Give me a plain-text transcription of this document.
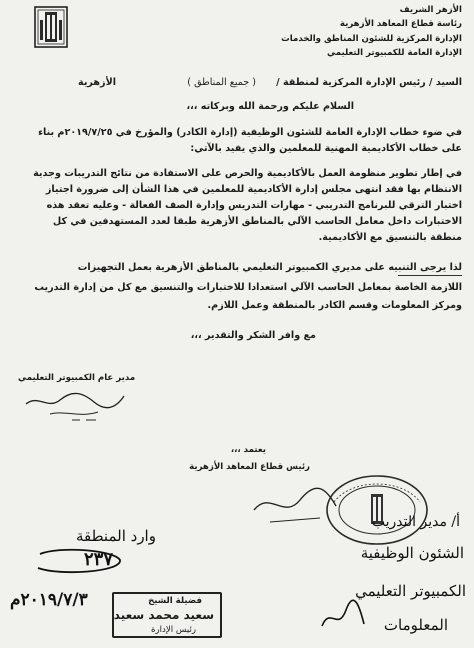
الأزهر الشريف
رئاسة قطاع المعاهد الأزهرية
الإدارة المركزية للشئون المناطق والخدمات
الإدارة العامة للكمبيوتر التعليمي
السيد / رئيس الإدارة المركزية لمنطقة /
( جميع المناطق )
الأزهرية
السلام عليكم ورحمة الله وبركاته ،،،
في ضوء خطاب الإدارة العامة للشئون الوظيفية (إدارة الكادر) والمؤرخ في ٢٠١٩/٧/٢٥م بناء
على خطاب الأكاديمية المهنية للمعلمين والذي يفيد بالآتي:
في إطار تطوير منظومة العمل بالأكاديمية والحرص على الاستفادة من نتائج التدريبات وجدية
الانتظام بها فقد انتهى مجلس إدارة الأكاديمية للمعلمين في هذا الشأن إلى ضرورة اجتياز
اختبار الترقي للبرنامج التدريبي - مهارات التدريس وإدارة الصف الفعالة - وعليه تعقد هذه
الاختبارات داخل معامل الحاسب الآلي بالمناطق الأزهرية طبقا لعدد المستهدفين في كل
منطقة بالتنسيق مع الأكاديمية.
لذا يرجى التنبيه على مديري الكمبيوتر التعليمي بالمناطق الأزهرية بعمل التجهيزات
اللازمة الخاصة بمعامل الحاسب الآلي استعدادا للاختبارات والتنسيق مع كل من إدارة التدريب
ومركز المعلومات وقسم الكادر بالمنطقة وعمل اللازم.
مع وافر الشكر والتقدير ،،،
مدير عام الكمبيوتر التعليمي
يعتمد ،،،
رئيس قطاع المعاهد الأزهرية
وارد المنطقة
٢٣٧
٢٠١٩/٧/٣م	فضيلة الشيخ
سعيد محمد سعيد
رئيس الإدارة
أ/ مدير التدريب
الشئون الوظيفية
الكمبيوتر التعليمي
المعلومات
